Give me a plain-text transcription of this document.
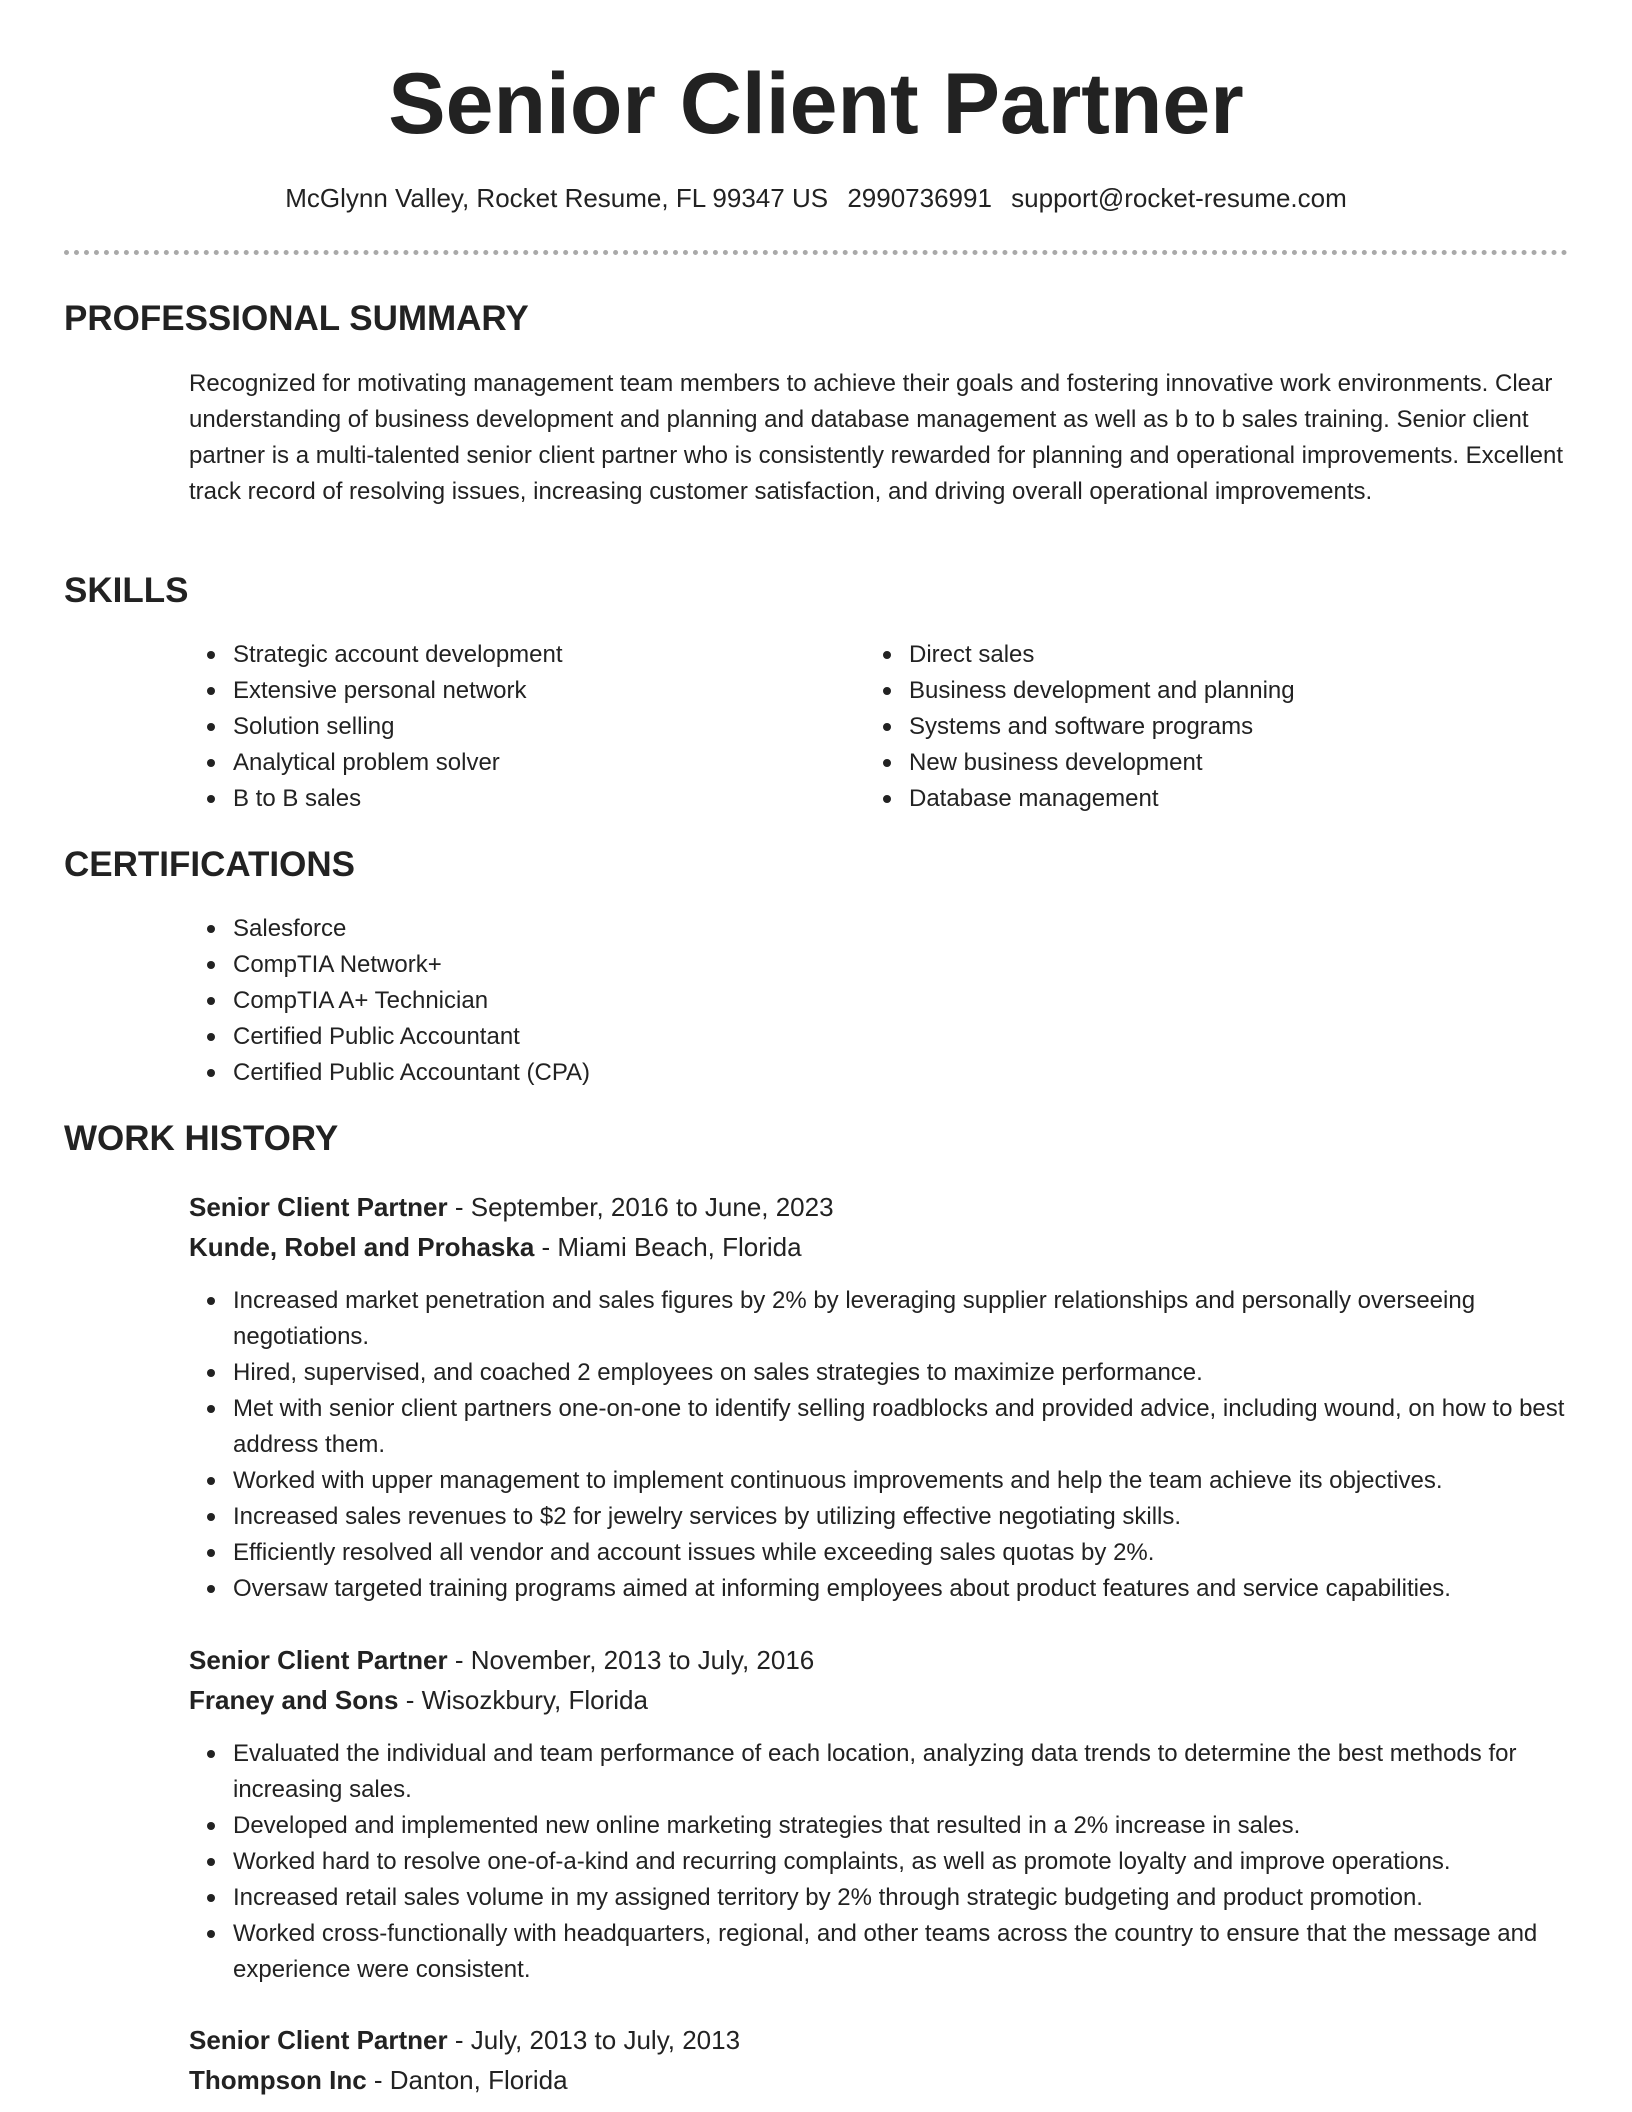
Senior Client Partner
McGlynn Valley, Rocket Resume, FL 99347 US 2990736991 support@rocket-resume.com
PROFESSIONAL SUMMARY

Recognized for motivating management team members to achieve their goals and fostering innovative work environments. Clear understanding of business development and planning and database management as well as b to b sales training. Senior client partner is a multi-talented senior client partner who is consistently rewarded for planning and operational improvements. Excellent track record of resolving issues, increasing customer satisfaction, and driving overall operational improvements.

SKILLS
Strategic account development
Extensive personal network
Solution selling
Analytical problem solver
B to B sales
Direct sales
Business development and planning
Systems and software programs
New business development
Database management
CERTIFICATIONS
Salesforce
CompTIA Network+
CompTIA A+ Technician
Certified Public Accountant
Certified Public Accountant (CPA)
WORK HISTORY
Senior Client Partner - September, 2016 to June, 2023
Kunde, Robel and Prohaska - Miami Beach, Florida
Increased market penetration and sales figures by 2% by leveraging supplier relationships and personally overseeing negotiations.
Hired, supervised, and coached 2 employees on sales strategies to maximize performance.
Met with senior client partners one-on-one to identify selling roadblocks and provided advice, including wound, on how to best address them.
Worked with upper management to implement continuous improvements and help the team achieve its objectives.
Increased sales revenues to $2 for jewelry services by utilizing effective negotiating skills.
Efficiently resolved all vendor and account issues while exceeding sales quotas by 2%.
Oversaw targeted training programs aimed at informing employees about product features and service capabilities.
Senior Client Partner - November, 2013 to July, 2016
Franey and Sons - Wisozkbury, Florida
Evaluated the individual and team performance of each location, analyzing data trends to determine the best methods for increasing sales.
Developed and implemented new online marketing strategies that resulted in a 2% increase in sales.
Worked hard to resolve one-of-a-kind and recurring complaints, as well as promote loyalty and improve operations.
Increased retail sales volume in my assigned territory by 2% through strategic budgeting and product promotion.
Worked cross-functionally with headquarters, regional, and other teams across the country to ensure that the message and experience were consistent.
Senior Client Partner - July, 2013 to July, 2013
Thompson Inc - Danton, Florida
